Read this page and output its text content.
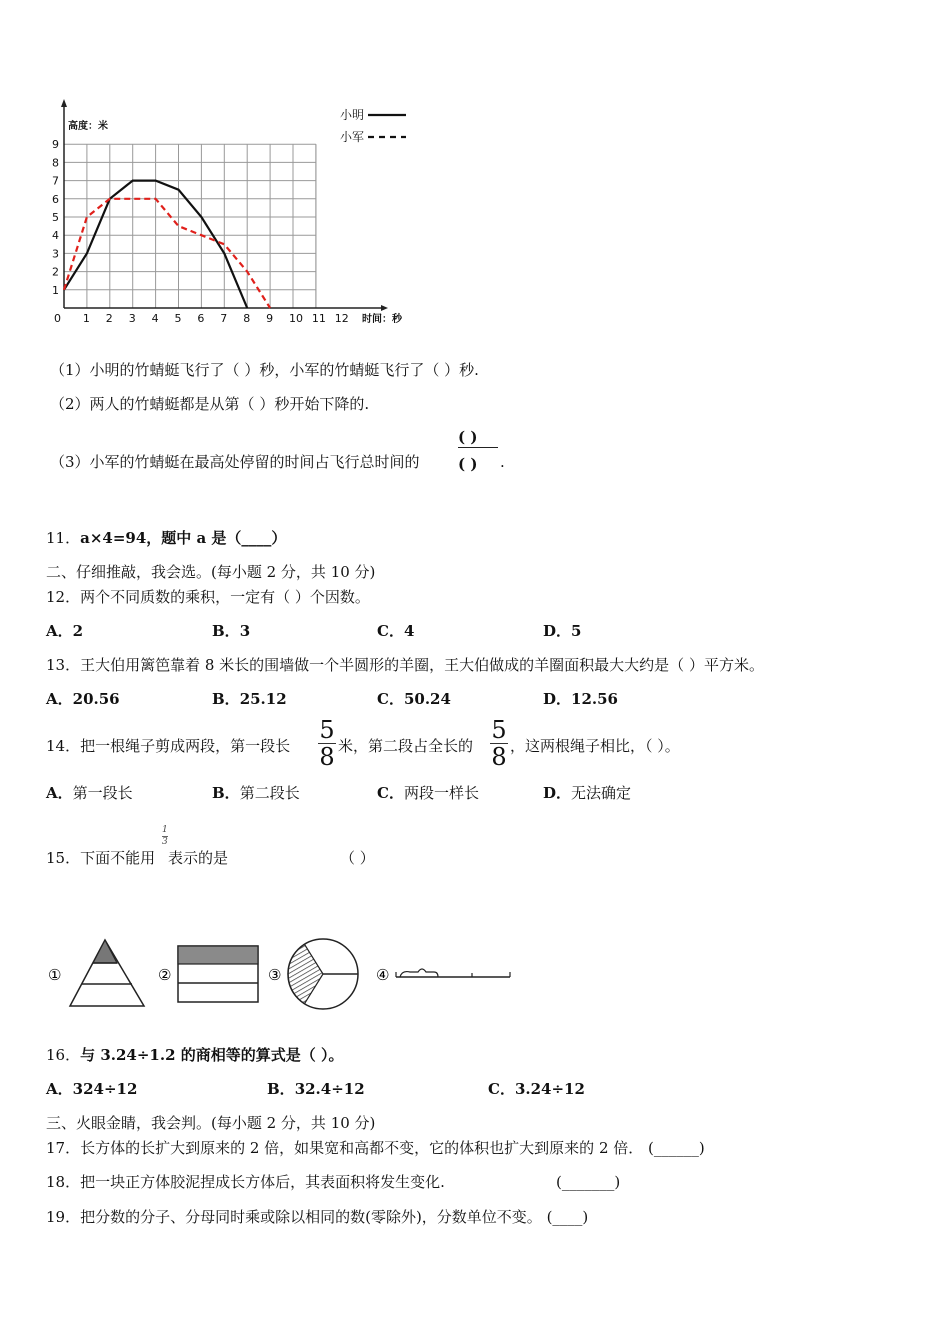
0 1 2 3 4 5 6 7 8 9 10 11 12
1
2
3
4
5
6
7
8
9
高度：米
时间：秒
小明
小军
（1）小明的竹蜻蜓飞行了（ ）秒，小军的竹蜻蜓飞行了（ ）秒.
（2）两人的竹蜻蜓都是从第（ ）秒开始下降的.
（3）小军的竹蜻蜓在最高处停留的时间占飞行总时间的
( )
( ) .
11．a×4=94，题中 a 是（____）
二、仔细推敲，我会选。(每小题 2 分，共 10 分)
12．两个不同质数的乘积，一定有（ ）个因数。
A．2	B．3	C．4	D．5
13．王大伯用篱笆靠着 8 米长的围墙做一个半圆形的羊圈，王大伯做成的羊圈面积最大大约是（ ）平方米。
A．20.56	B．25.12	C．50.24	D．12.56
14．把一根绳子剪成两段，第一段长
5
8 米，第二段占全长的
5
8 ，这两根绳子相比，（ ）。
A．第一段长	B．第二段长	C．两段一样长	D．无法确定
15．下面不能用
1
3
表示的是	（ ）
①	②	③	④
16．与 3.24÷1.2 的商相等的算式是（ ）。
A．324÷12	B．32.4÷12	C．3.24÷12
三、火眼金睛，我会判。(每小题 2 分，共 10 分)
17．长方体的长扩大到原来的 2 倍，如果宽和高都不变，它的体积也扩大到原来的 2 倍． (______)
18．把一块正方体胶泥捏成长方体后，其表面积将发生变化.	(_______)
19．把分数的分子、分母同时乘或除以相同的数(零除外)，分数单位不变。 (____)
